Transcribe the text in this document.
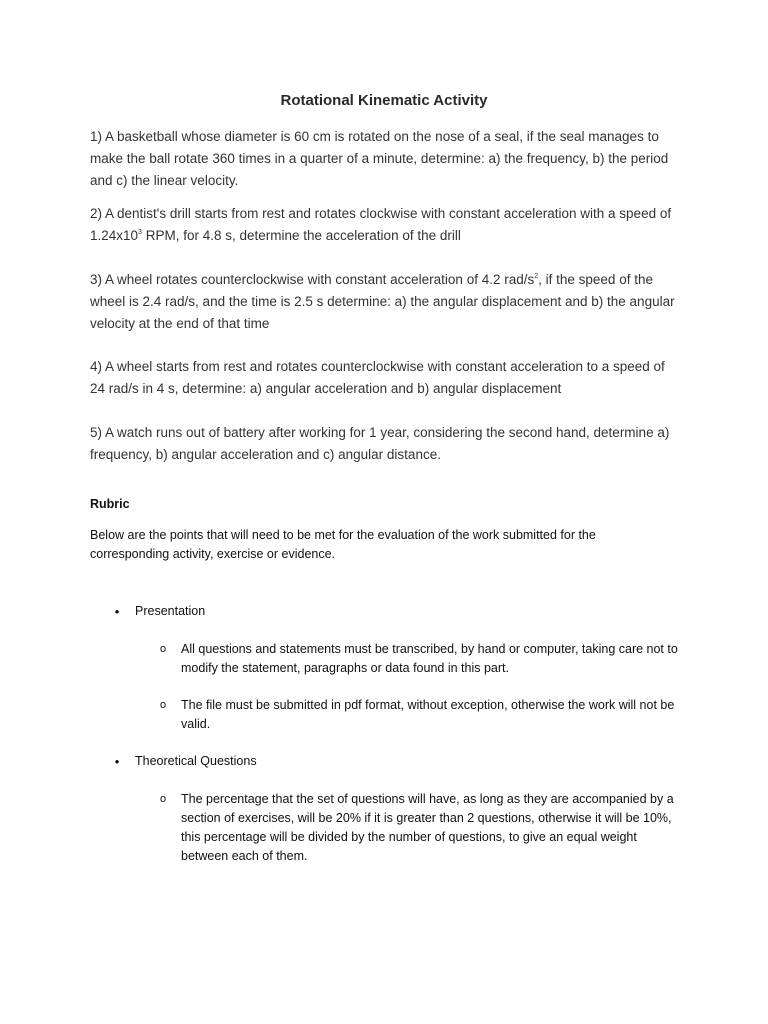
Rotational Kinematic Activity

1) A basketball whose diameter is 60 cm is rotated on the nose of a seal, if the seal manages to make the ball rotate 360 times in a quarter of a minute, determine: a) the frequency, b) the period and c) the linear velocity.

2) A dentist's drill starts from rest and rotates clockwise with constant acceleration with a speed of $1.24x10^3$ RPM, for 4.8 s, determine the acceleration of the drill

3) A wheel rotates counterclockwise with constant acceleration of 4.2 rad/$s^2$, if the speed of the wheel is 2.4 rad/s, and the time is 2.5 s determine: a) the angular displacement and b) the angular velocity at the end of that time

4) A wheel starts from rest and rotates counterclockwise with constant acceleration to a speed of 24 rad/s in 4 s, determine: a) angular acceleration and b) angular displacement

5) A watch runs out of battery after working for 1 year, considering the second hand, determine a) frequency, b) angular acceleration and c) angular distance.

Rubric

Below are the points that will need to be met for the evaluation of the work submitted for the corresponding activity, exercise or evidence.

•	Presentation
o All questions and statements must be transcribed, by hand or computer, taking care not to modify the statement, paragraphs or data found in this part.
o The file must be submitted in pdf format, without exception, otherwise the work will not be valid.
•	Theoretical Questions
o The percentage that the set of questions will have, as long as they are accompanied by a section of exercises, will be 20% if it is greater than 2 questions, otherwise it will be 10%, this percentage will be divided by the number of questions, to give an equal weight between each of them.
